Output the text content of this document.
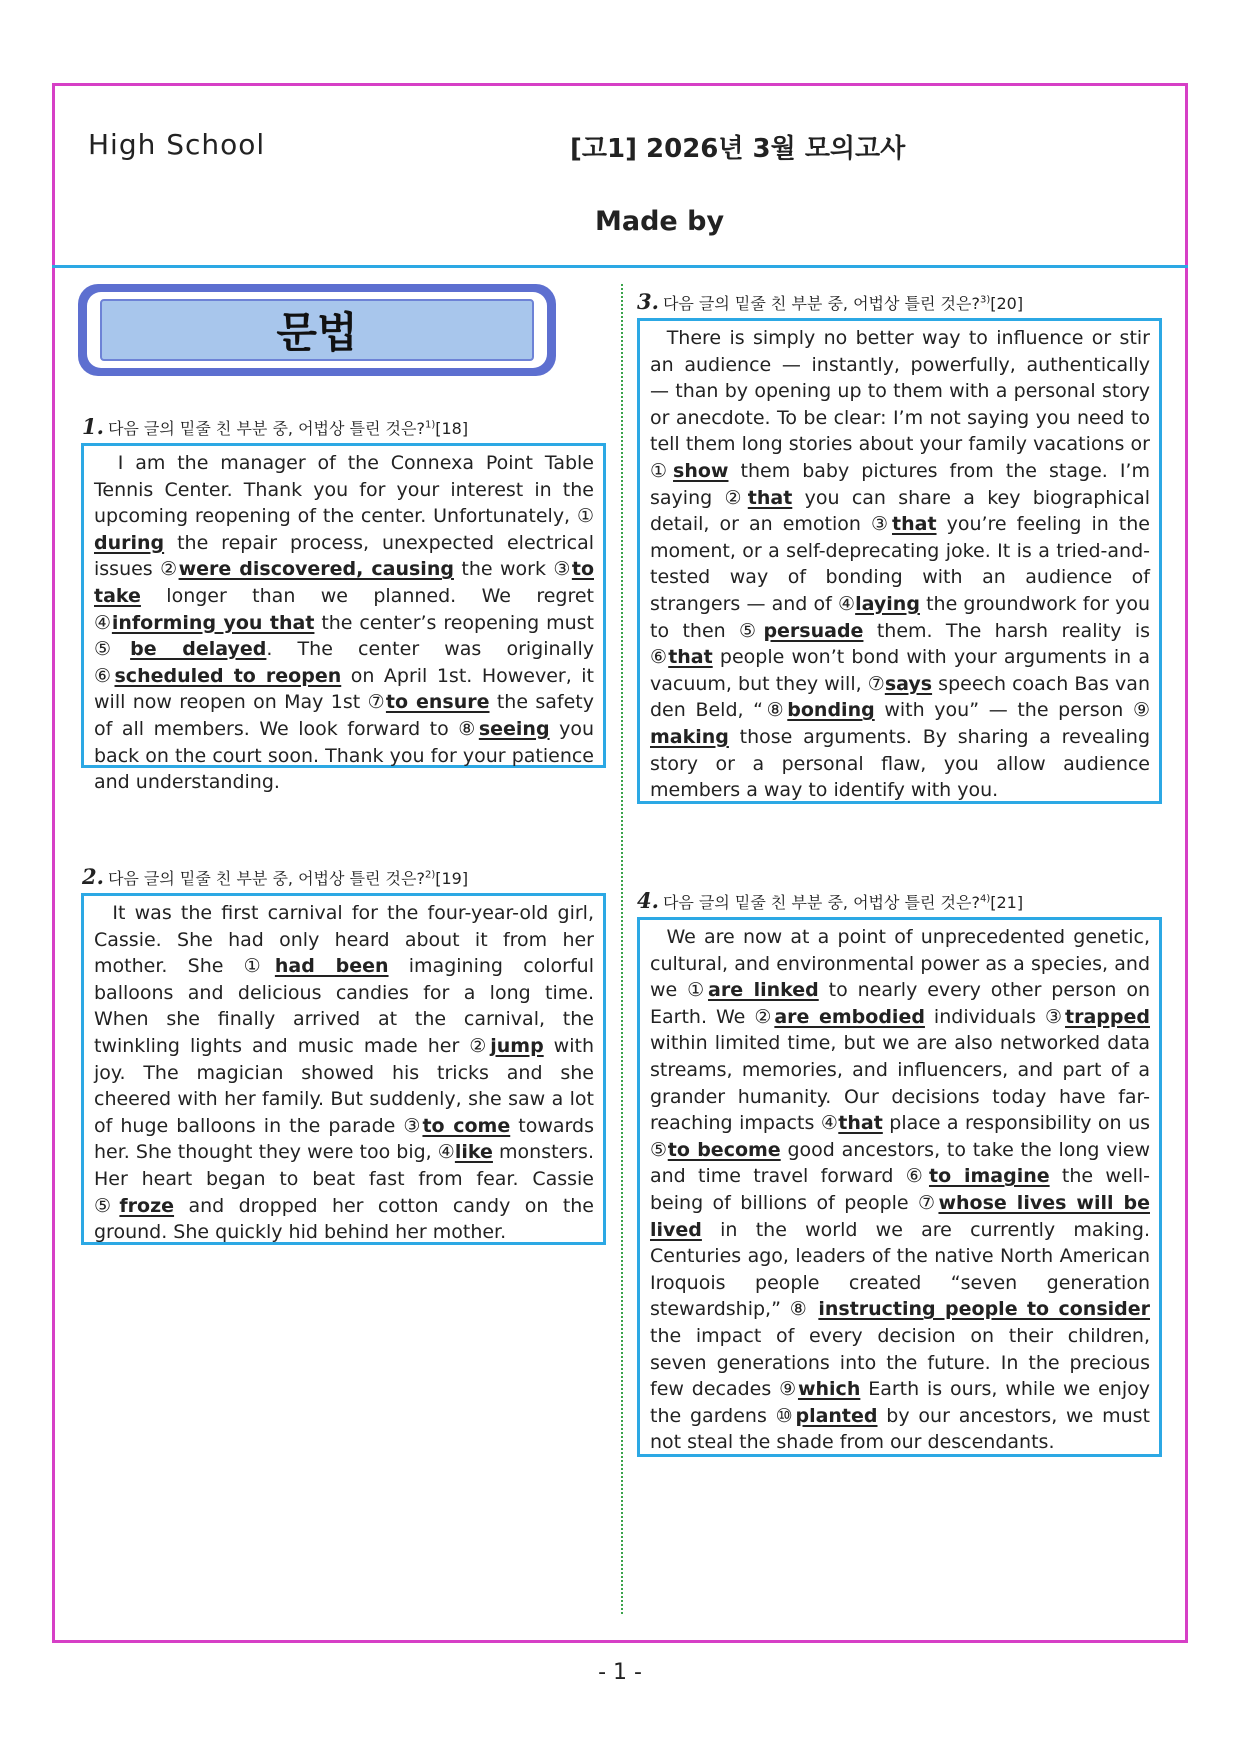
High School	[고1] 2026년 3월 모의고사
Made by
문법
1. 다음 글의 밑줄 친 부분 중, 어법상 틀린 것은?$^{1)}$[18]
I am the manager of the Connexa Point Table Tennis Center. Thank you for your interest in the upcoming reopening of the center. Unfortunately, ① during the repair process, unexpected electrical issues ②were discovered, causing the work ③to take longer than we planned. We regret ④informing you that the center’s reopening must ⑤be delayed. The center was originally ⑥scheduled to reopen on April 1st. However, it will now reopen on May 1st ⑦to ensure the safety of all members. We look forward to ⑧seeing you back on the court soon. Thank you for your patience and understanding.
2. 다음 글의 밑줄 친 부분 중, 어법상 틀린 것은?$^{2)}$[19]
It was the first carnival for the four-year-old girl, Cassie. She had only heard about it from her mother. She ①had been imagining colorful balloons and delicious candies for a long time. When she finally arrived at the carnival, the twinkling lights and music made her ②jump with joy. The magician showed his tricks and she cheered with her family. But suddenly, she saw a lot of huge balloons in the parade ③to come towards her. She thought they were too big, ④like monsters. Her heart began to beat fast from fear. Cassie ⑤froze and dropped her cotton candy on the ground. She quickly hid behind her mother.
3. 다음 글의 밑줄 친 부분 중, 어법상 틀린 것은?$^{3)}$[20]
There is simply no better way to influence or stir an audience — instantly, powerfully, authentically — than by opening up to them with a personal story or anecdote. To be clear: I’m not saying you need to tell them long stories about your family vacations or ①show them baby pictures from the stage. I’m saying ②that you can share a key biographical detail, or an emotion ③that you’re feeling in the moment, or a self-deprecating joke. It is a tried-and-tested way of bonding with an audience of strangers — and of ④laying the groundwork for you to then ⑤persuade them. The harsh reality is ⑥that people won’t bond with your arguments in a vacuum, but they will, ⑦says speech coach Bas van den Beld, “⑧bonding with you” — the person ⑨ making those arguments. By sharing a revealing story or a personal flaw, you allow audience members a way to identify with you.
4. 다음 글의 밑줄 친 부분 중, 어법상 틀린 것은?$^{4)}$[21]
We are now at a point of unprecedented genetic, cultural, and environmental power as a species, and we ①are linked to nearly every other person on Earth. We ②are embodied individuals ③trapped within limited time, but we are also networked data streams, memories, and influencers, and part of a grander humanity. Our decisions today have far-reaching impacts ④that place a responsibility on us ⑤to become good ancestors, to take the long view and time travel forward ⑥to imagine the well-being of billions of people ⑦whose lives will be lived in the world we are currently making. Centuries ago, leaders of the native North American Iroquois people created “seven generation stewardship,” ⑧ instructing people to consider the impact of every decision on their children, seven generations into the future. In the precious few decades ⑨which Earth is ours, while we enjoy the gardens ⑩planted by our ancestors, we must not steal the shade from our descendants.
- 1 -
